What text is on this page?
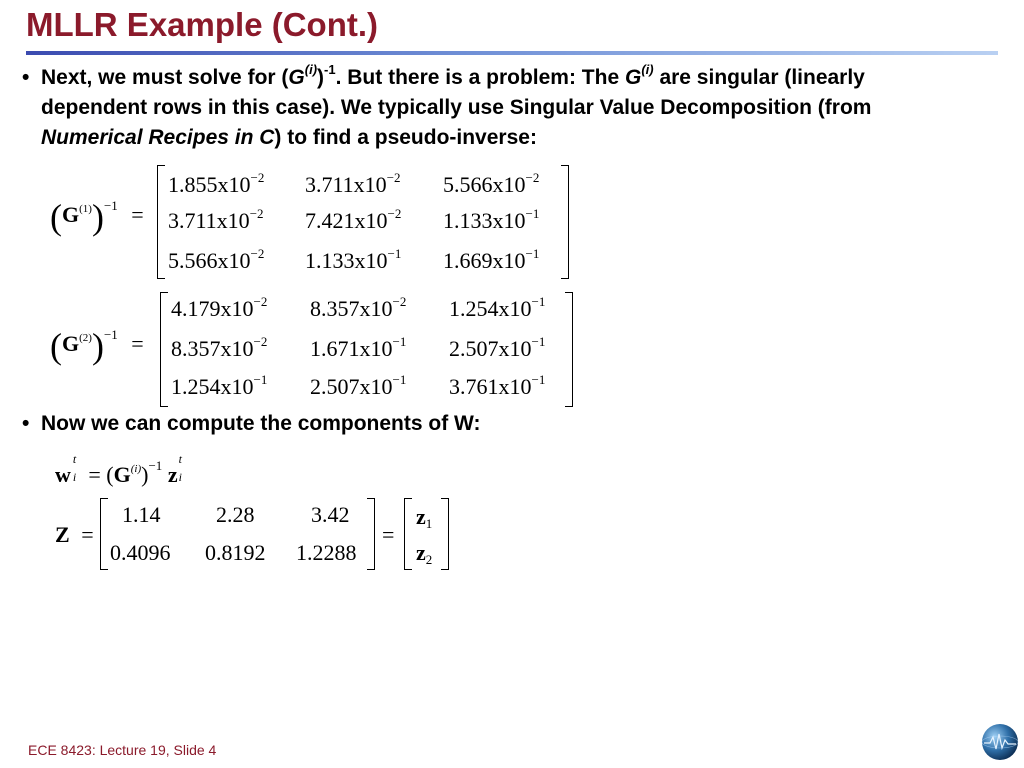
MLLR Example (Cont.)
• Next, we must solve for $(G^{(i)})^{-1}$. But there is a problem: The $G^{(i)}$ are singular (linearly dependent rows in this case). We typically use Singular Value Decomposition (from Numerical Recipes in C) to find a pseudo-inverse:
$(G^{(1)})^{-1}$ =
$1.855x10^{-2}$ $3.711x10^{-2}$ $5.566x10^{-2}$
$3.711x10^{-2}$ $7.421x10^{-2}$ $1.133x10^{-1}$
$5.566x10^{-2}$ $1.133x10^{-1}$ $1.669x10^{-1}$
$(G^{(2)})^{-1}$ =
$4.179x10^{-2}$ $8.357x10^{-2}$ $1.254x10^{-1}$
$8.357x10^{-2}$ $1.671x10^{-1}$ $2.507x10^{-1}$
$1.254x10^{-1}$ $2.507x10^{-1}$ $3.761x10^{-1}$
• Now we can compute the components of W:
w
t
$i = (G^{(i)})^{-1}$ z
t
i
Z =
1.14	2.28	3.42
0.4096 0.8192 1.2288
=
z1
z2
ECE 8423: Lecture 19, Slide 4
